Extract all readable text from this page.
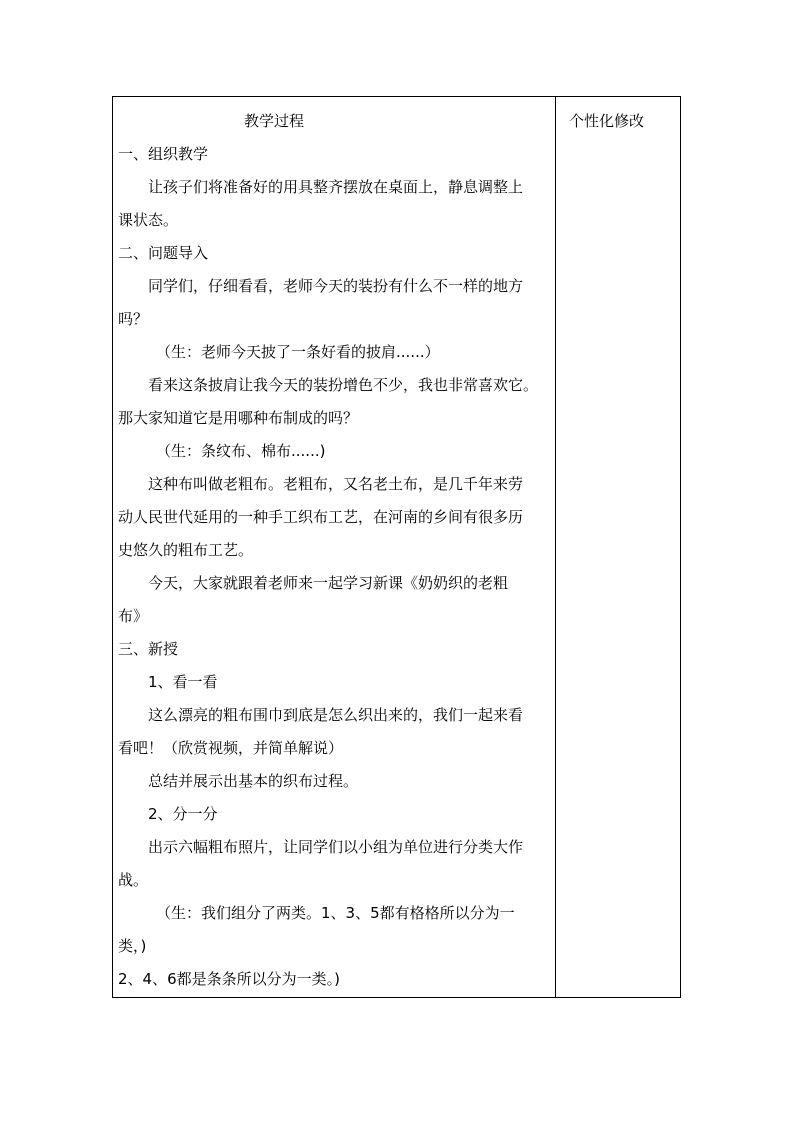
教学过程
一、组织教学
让孩子们将准备好的用具整齐摆放在桌面上，静息调整上
课状态。
二、问题导入
同学们，仔细看看，老师今天的装扮有什么不一样的地方
吗？
（生：老师今天披了一条好看的披肩......）
看来这条披肩让我今天的装扮增色不少，我也非常喜欢它。
那大家知道它是用哪种布制成的吗？
（生：条纹布、棉布......)
这种布叫做老粗布。老粗布，又名老土布，是几千年来劳
动人民世代延用的一种手工织布工艺，在河南的乡间有很多历
史悠久的粗布工艺。
今天，大家就跟着老师来一起学习新课《奶奶织的老粗
布》
三、新授
1、看一看
这么漂亮的粗布围巾到底是怎么织出来的，我们一起来看
看吧！（欣赏视频，并简单解说）
总结并展示出基本的织布过程。
2、分一分
出示六幅粗布照片，让同学们以小组为单位进行分类大作
战。
（生：我们组分了两类。1、3、5都有格格所以分为一
类，)
2、4、6都是条条所以分为一类。)
个性化修改
